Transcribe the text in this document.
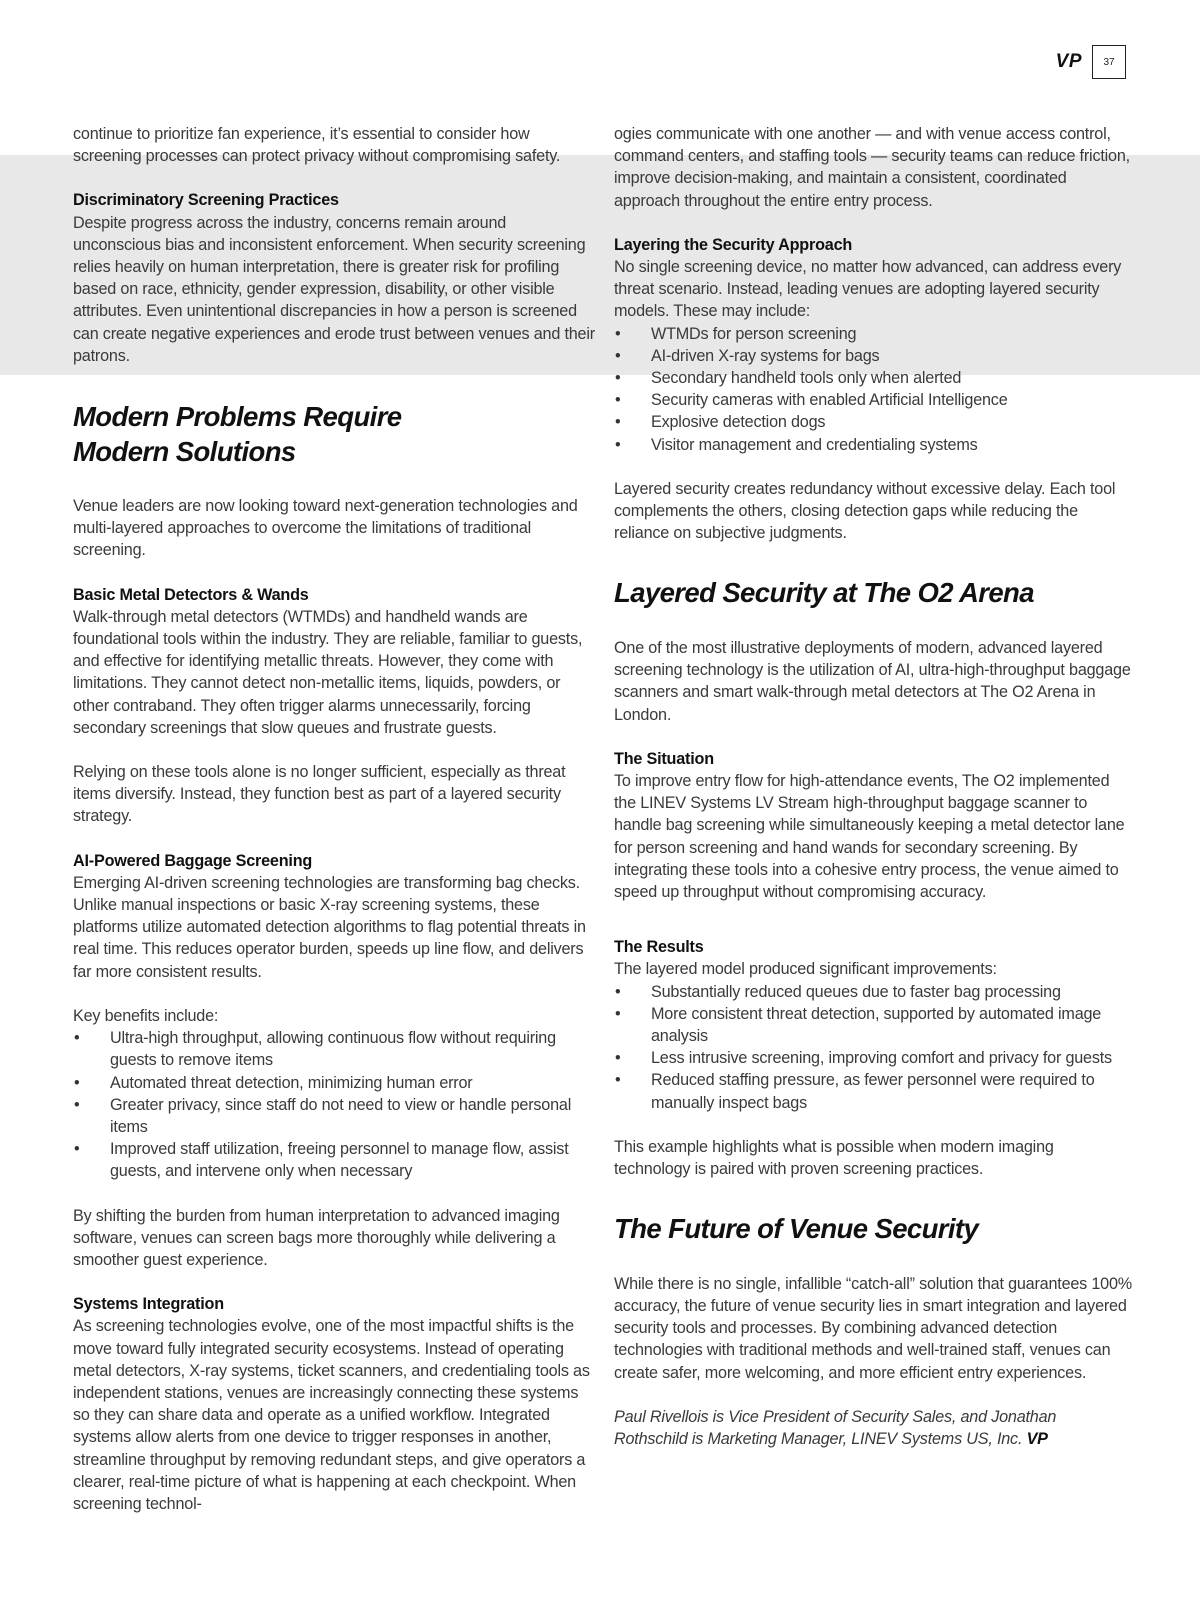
VP	37

continue to prioritize fan experience, it’s essential to consider how screening processes can protect privacy without compromising safety.

Discriminatory Screening Practices

Despite progress across the industry, concerns remain around unconscious bias and inconsistent enforcement. When security screening relies heavily on human interpretation, there is greater risk for profiling based on race, ethnicity, gender expression, disability, or other visible attributes. Even unintentional discrepancies in how a person is screened can create negative experiences and erode trust between venues and their patrons.

Modern Problems Require
Modern Solutions

Venue leaders are now looking toward next-generation technologies and multi-layered approaches to overcome the limitations of traditional screening.

Basic Metal Detectors & Wands

Walk-through metal detectors (WTMDs) and handheld wands are foundational tools within the industry. They are reliable, familiar to guests, and effective for identifying metallic threats. However, they come with limitations. They cannot detect non-metallic items, liquids, powders, or other contraband. They often trigger alarms unnecessarily, forcing secondary screenings that slow queues and frustrate guests.

Relying on these tools alone is no longer sufficient, especially as threat items diversify. Instead, they function best as part of a layered security strategy.

AI-Powered Baggage Screening

Emerging AI-driven screening technologies are transforming bag checks. Unlike manual inspections or basic X-ray screening systems, these platforms utilize automated detection algorithms to flag potential threats in real time. This reduces operator burden, speeds up line flow, and delivers far more consistent results.

Key benefits include:
• Ultra-high throughput, allowing continuous flow without requiring guests to remove items
• Automated threat detection, minimizing human error
• Greater privacy, since staff do not need to view or handle personal items
• Improved staff utilization, freeing personnel to manage flow, assist guests, and intervene only when necessary

By shifting the burden from human interpretation to advanced imaging software, venues can screen bags more thoroughly while delivering a smoother guest experience.

Systems Integration

As screening technologies evolve, one of the most impactful shifts is the move toward fully integrated security ecosystems. Instead of operating metal detectors, X-ray systems, ticket scanners, and credentialing tools as independent stations, venues are increasingly connecting these systems so they can share data and operate as a unified workflow. Integrated systems allow alerts from one device to trigger responses in another, streamline throughput by removing redundant steps, and give operators a clearer, real-time picture of what is happening at each checkpoint. When screening technol-

ogies communicate with one another — and with venue access control, command centers, and staffing tools — security teams can reduce friction, improve decision-making, and maintain a consistent, coordinated approach throughout the entire entry process.

Layering the Security Approach
No single screening device, no matter how advanced, can address every threat scenario. Instead, leading venues are adopting layered security models. These may include:
• WTMDs for person screening
• AI-driven X-ray systems for bags
• Secondary handheld tools only when alerted
• Security cameras with enabled Artificial Intelligence
• Explosive detection dogs
• Visitor management and credentialing systems

Layered security creates redundancy without excessive delay. Each tool complements the others, closing detection gaps while reducing the reliance on subjective judgments.

Layered Security at The O2 Arena

One of the most illustrative deployments of modern, advanced layered screening technology is the utilization of AI, ultra-high-throughput baggage scanners and smart walk-through metal detectors at The O2 Arena in London.

The Situation

To improve entry flow for high-attendance events, The O2 implemented the LINEV Systems LV Stream high-throughput baggage scanner to handle bag screening while simultaneously keeping a metal detector lane for person screening and hand wands for secondary screening. By integrating these tools into a cohesive entry process, the venue aimed to speed up throughput without compromising accuracy.

The Results
The layered model produced significant improvements:
• Substantially reduced queues due to faster bag processing
• More consistent threat detection, supported by automated image analysis
• Less intrusive screening, improving comfort and privacy for guests
• Reduced staffing pressure, as fewer personnel were required to manually inspect bags

This example highlights what is possible when modern imaging technology is paired with proven screening practices.

The Future of Venue Security

While there is no single, infallible “catch-all” solution that guarantees 100% accuracy, the future of venue security lies in smart integration and layered security tools and processes. By combining advanced detection technologies with traditional methods and well-trained staff, venues can create safer, more welcoming, and more efficient entry experiences.

Paul Rivellois is Vice President of Security Sales, and Jonathan Rothschild is Marketing Manager, LINEV Systems US, Inc. VP
